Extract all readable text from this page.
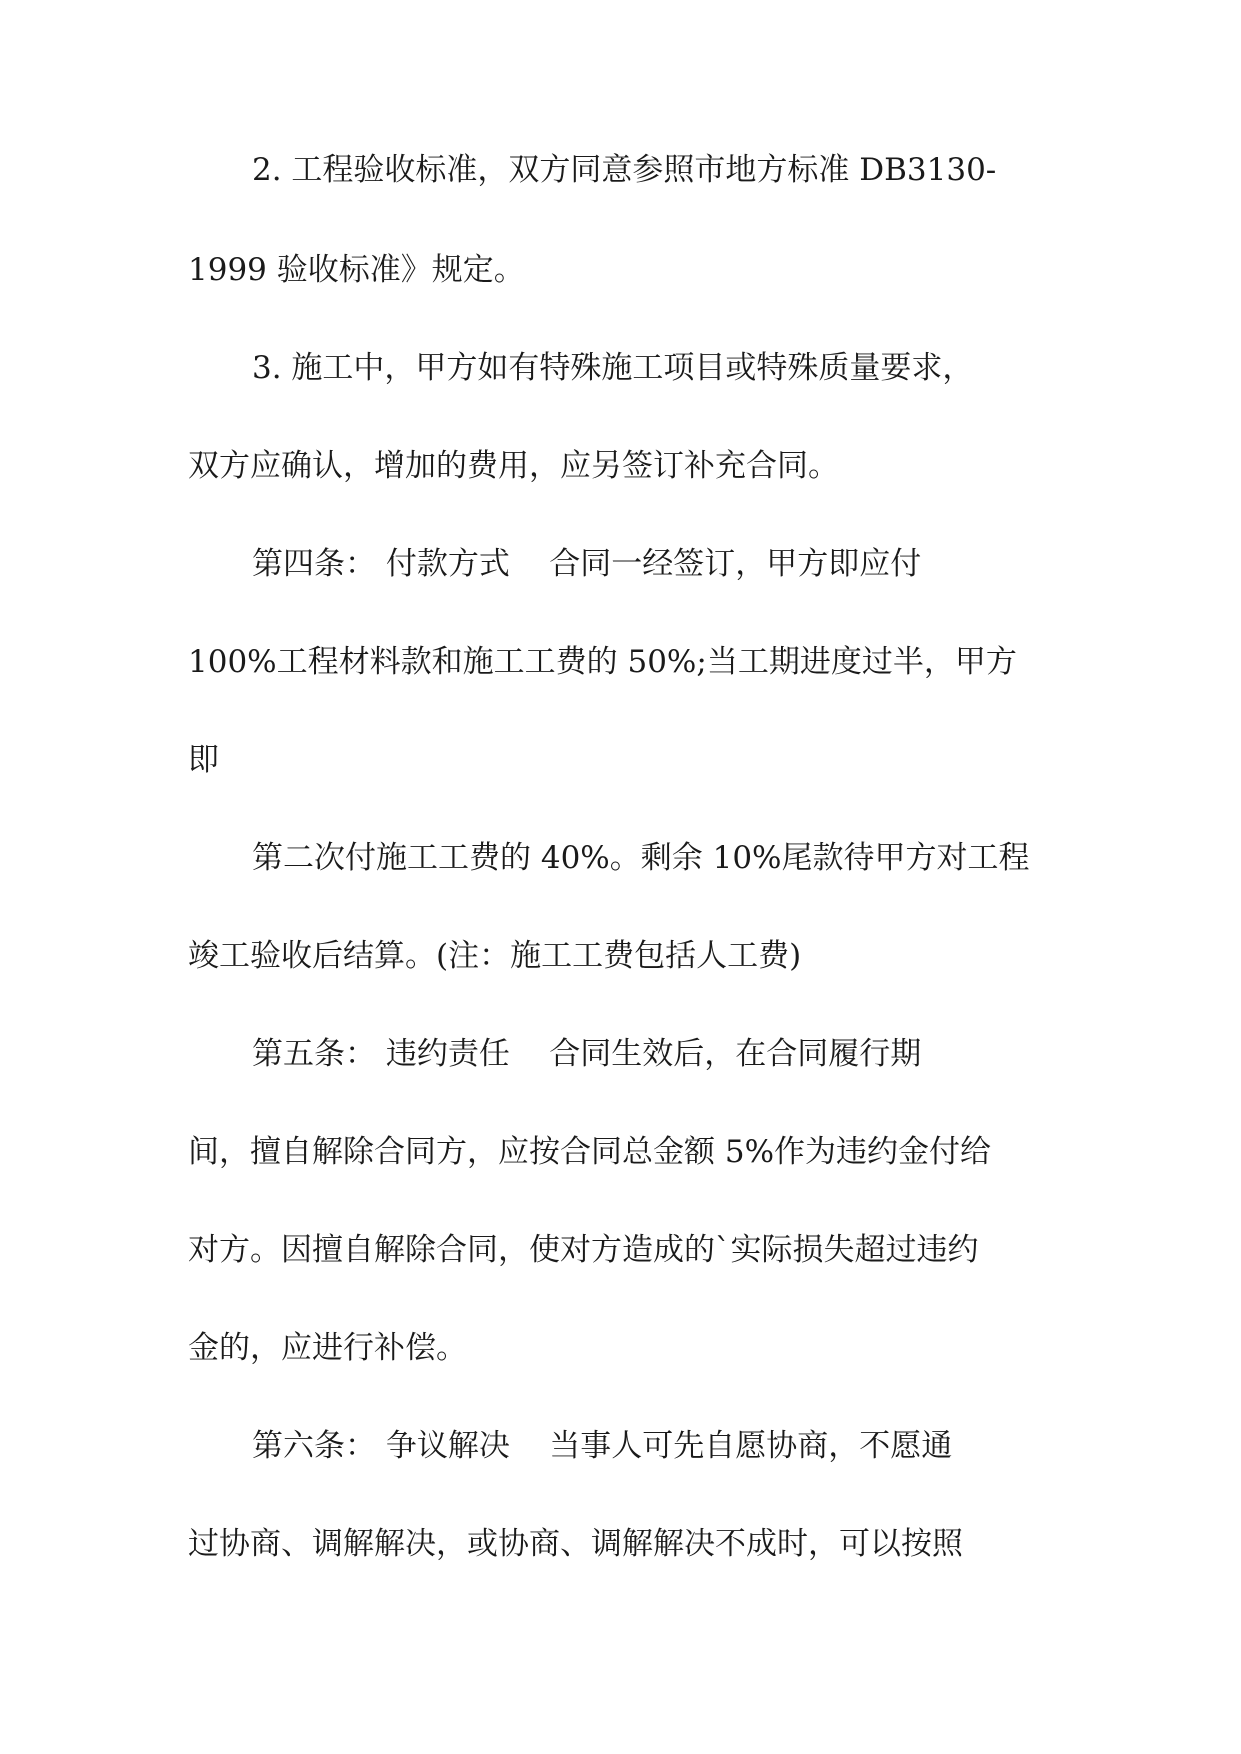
2. 工程验收标准，双方同意参照市地方标准 DB3130-
1999 验收标准》规定。
3. 施工中，甲方如有特殊施工项目或特殊质量要求，
双方应确认，增加的费用，应另签订补充合同。
第四条： 付款方式    合同一经签订，甲方即应付
100%工程材料款和施工工费的 50%;当工期进度过半，甲方
即
第二次付施工工费的 40%。剩余 10%尾款待甲方对工程
竣工验收后结算。(注：施工工费包括人工费)
第五条： 违约责任    合同生效后，在合同履行期
间，擅自解除合同方，应按合同总金额 5%作为违约金付给
对方。因擅自解除合同，使对方造成的`实际损失超过违约
金的，应进行补偿。
第六条： 争议解决    当事人可先自愿协商，不愿通
过协商、调解解决，或协商、调解解决不成时，可以按照
